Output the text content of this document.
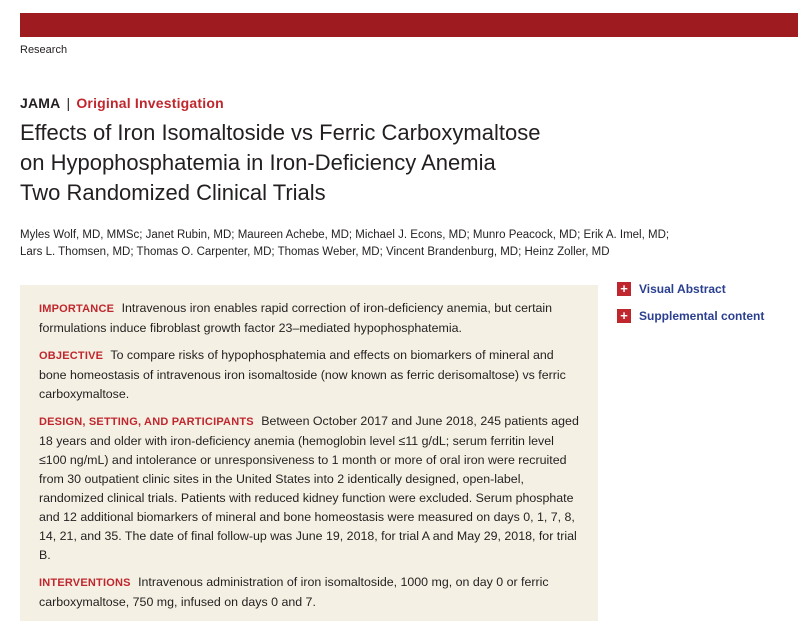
Research
JAMA | Original Investigation
Effects of Iron Isomaltoside vs Ferric Carboxymaltose
on Hypophosphatemia in Iron-Deficiency Anemia
Two Randomized Clinical Trials
Myles Wolf, MD, MMSc; Janet Rubin, MD; Maureen Achebe, MD; Michael J. Econs, MD; Munro Peacock, MD; Erik A. Imel, MD;
Lars L. Thomsen, MD; Thomas O. Carpenter, MD; Thomas Weber, MD; Vincent Brandenburg, MD; Heinz Zoller, MD
+ Visual Abstract
+ Supplemental content

IMPORTANCE Intravenous iron enables rapid correction of iron-deficiency anemia, but certain formulations induce fibroblast growth factor 23–mediated hypophosphatemia.

OBJECTIVE To compare risks of hypophosphatemia and effects on biomarkers of mineral and bone homeostasis of intravenous iron isomaltoside (now known as ferric derisomaltose) vs ferric carboxymaltose.

DESIGN, SETTING, AND PARTICIPANTS Between October 2017 and June 2018, 245 patients aged 18 years and older with iron-deficiency anemia (hemoglobin level ≤11 g/dL; serum ferritin level ≤100 ng/mL) and intolerance or unresponsiveness to 1 month or more of oral iron were recruited from 30 outpatient clinic sites in the United States into 2 identically designed, open-label, randomized clinical trials. Patients with reduced kidney function were excluded. Serum phosphate and 12 additional biomarkers of mineral and bone homeostasis were measured on days 0, 1, 7, 8, 14, 21, and 35. The date of final follow-up was June 19, 2018, for trial A and May 29, 2018, for trial B.

INTERVENTIONS Intravenous administration of iron isomaltoside, 1000 mg, on day 0 or ferric carboxymaltose, 750 mg, infused on days 0 and 7.
